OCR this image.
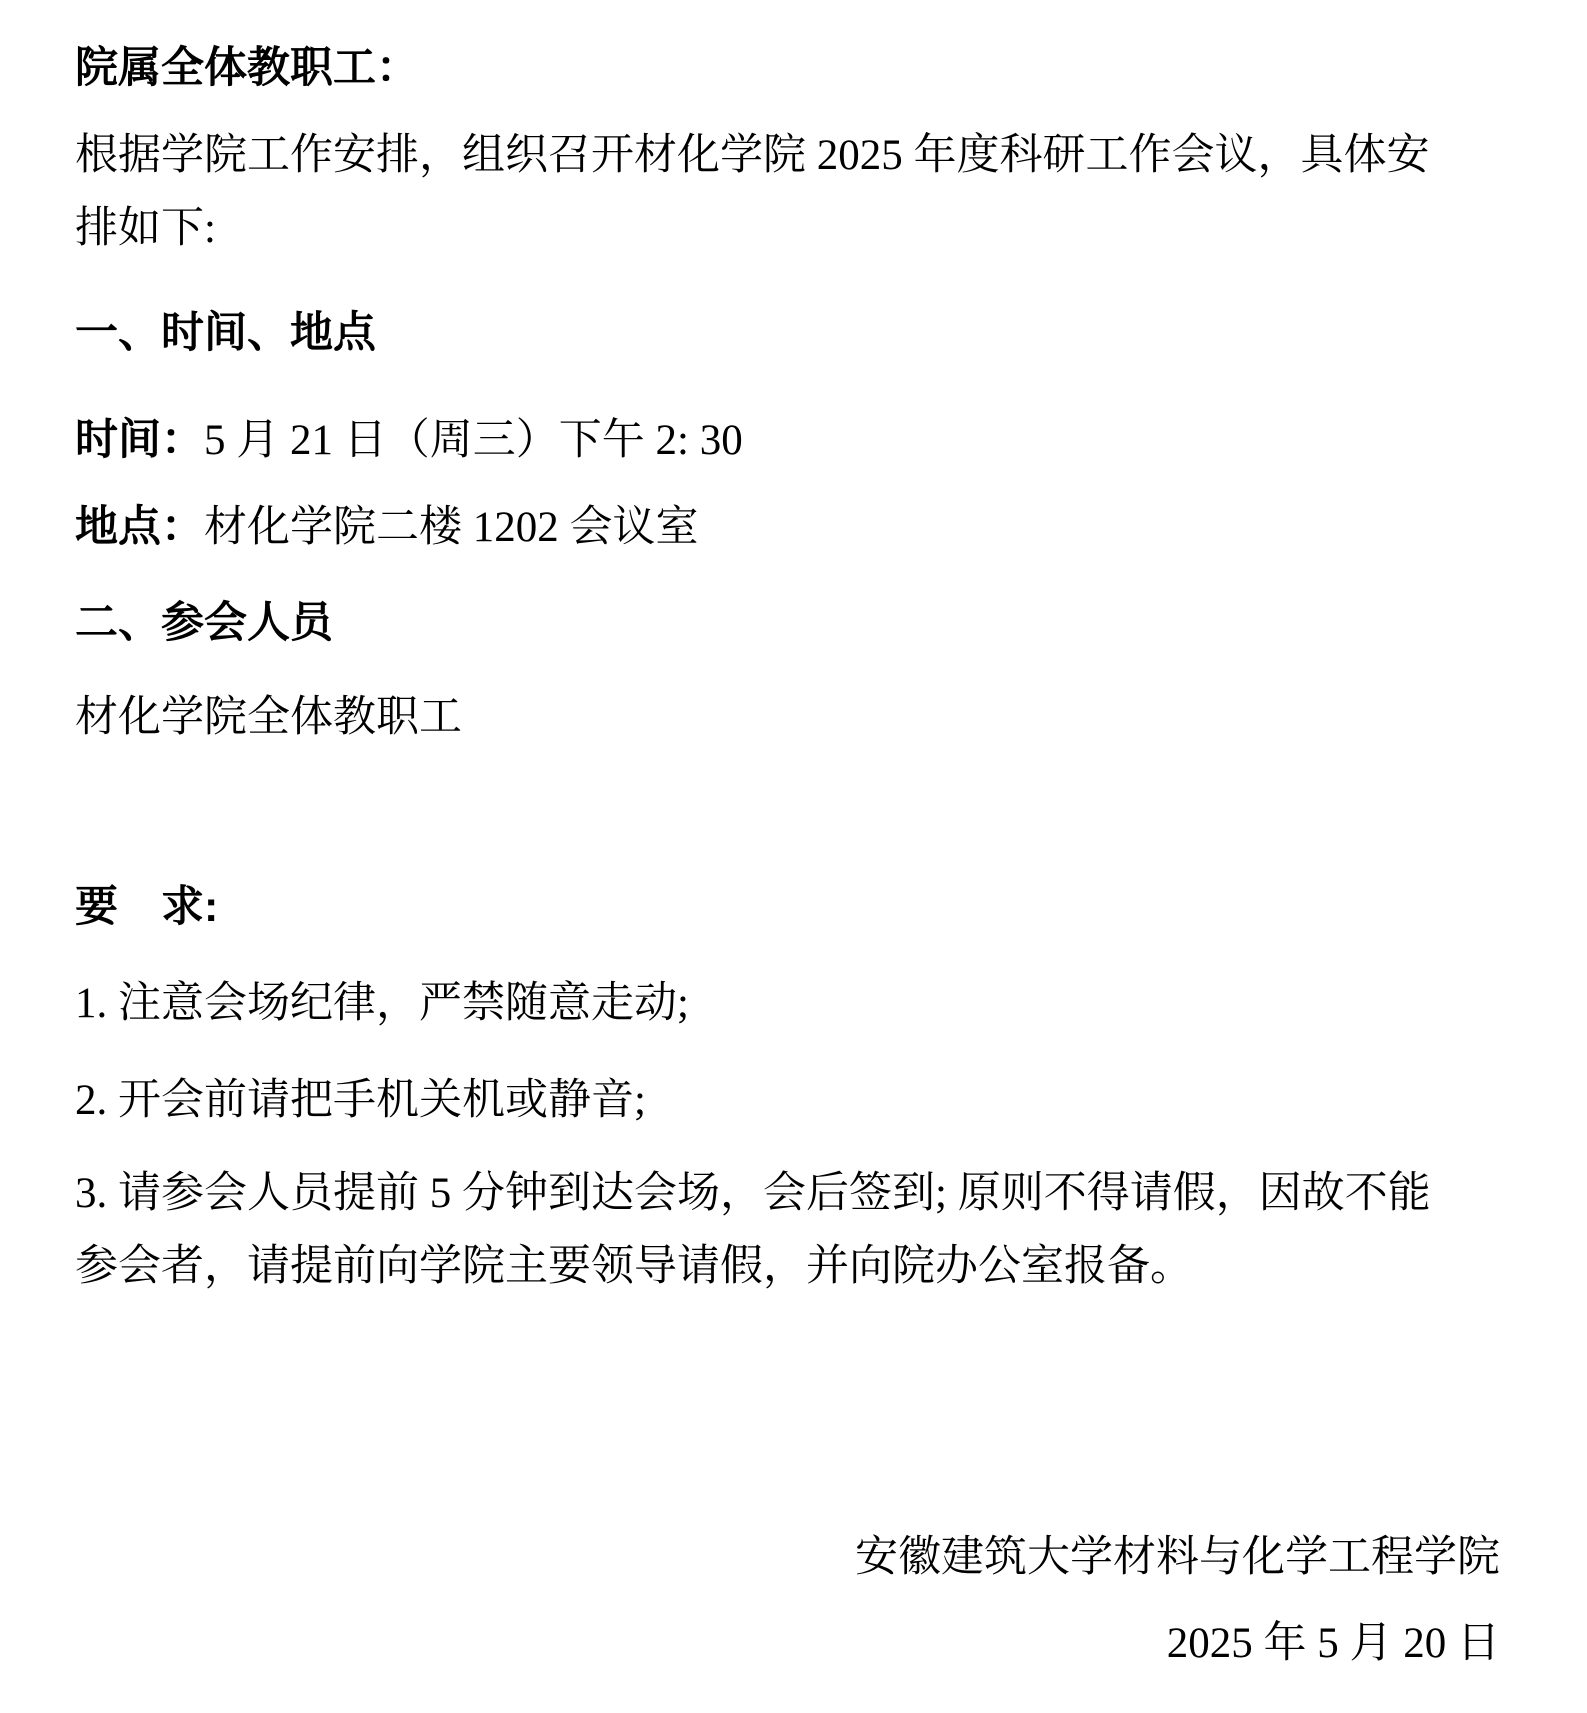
院属全体教职工：

根据学院工作安排，组织召开材化学院 2025 年度科研工作会议，具体安

排如下:

一、时间、地点

时间：5 月 21 日（周三）下午 2: 30

地点：材化学院二楼 1202 会议室

二、参会人员

材化学院全体教职工

要　求:

1. 注意会场纪律，严禁随意走动;

2. 开会前请把手机关机或静音;

3. 请参会人员提前 5 分钟到达会场，会后签到; 原则不得请假，因故不能

参会者，请提前向学院主要领导请假，并向院办公室报备。

安徽建筑大学材料与化学工程学院

2025 年 5 月 20 日
